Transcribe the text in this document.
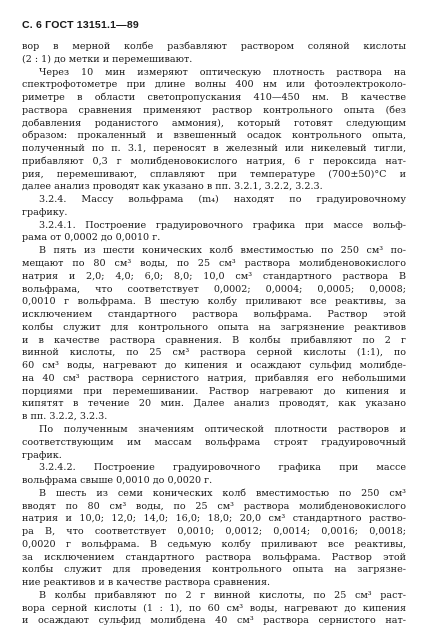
С. 6 ГОСТ 13151.1—89
вор в мерной колбе разбавляют раствором соляной кислоты
(2 : 1) до метки и перемешивают.
Через 10 мин измеряют оптическую плотность раствора на
спектрофотометре при длине волны 400 нм или фотоэлектроколо-
риметре в области светопропускания 410—450 нм. В качестве
раствора сравнения применяют раствор контрольного опыта (без
добавления роданистого аммония), который готовят следующим
образом: прокаленный и взвешенный осадок контрольного опыта,
полученный по п. 3.1, переносят в железный или никелевый тигли,
прибавляют 0,3 г молибденовокислого натрия, 6 г пероксида нат-
рия, перемешивают, сплавляют при температуре (700±50)°С и
далее анализ проводят как указано в пп. 3.2.1, 3.2.2, 3.2.3.
3.2.4. Массу вольфрама (m₄) находят по градуировочному
графику.
3.2.4.1. Построение градуировочного графика при массе вольф-
рама от 0,0002 до 0,0010 г.
В пять из шести конических колб вместимостью по 250 см³ по-
мещают по 80 см³ воды, по 25 см³ раствора молибденовокислого
натрия и 2,0; 4,0; 6,0; 8,0; 10,0 см³ стандартного раствора В
вольфрама, что соответствует 0,0002; 0,0004; 0,0005; 0,0008;
0,0010 г вольфрама. В шестую колбу приливают все реактивы, за
исключением стандартного раствора вольфрама. Раствор этой
колбы служит для контрольного опыта на загрязнение реактивов
и в качестве раствора сравнения. В колбы прибавляют по 2 г
винной кислоты, по 25 см³ раствора серной кислоты (1:1), по
60 см³ воды, нагревают до кипения и осаждают сульфид молибде-
на 40 см³ раствора сернистого натрия, прибавляя его небольшими
порциями при перемешивании. Раствор нагревают до кипения и
кипятят в течение 20 мин. Далее анализ проводят, как указано
в пп. 3.2.2, 3.2.3.
По полученным значениям оптической плотности растворов и
соответствующим им массам вольфрама строят градуировочный
график.
3.2.4.2. Построение градуировочного графика при массе
вольфрама свыше 0,0010 до 0,0020 г.
В шесть из семи конических колб вместимостью по 250 см³
вводят по 80 см³ воды, по 25 см³ раствора молибденовокислого
натрия и 10,0; 12,0; 14,0; 16,0; 18,0; 20,0 см³ стандартного раство-
ра В, что соответствует 0,0010; 0,0012; 0,0014; 0,0016; 0,0018;
0,0020 г вольфрама. В седьмую колбу приливают все реактивы,
за исключением стандартного раствора вольфрама. Раствор этой
колбы служит для проведения контрольного опыта на загрязне-
ние реактивов и в качестве раствора сравнения.
В колбы прибавляют по 2 г винной кислоты, по 25 см³ раст-
вора серной кислоты (1 : 1), по 60 см³ воды, нагревают до кипения
и осаждают сульфид молибдена 40 см³ раствора сернистого нат-
